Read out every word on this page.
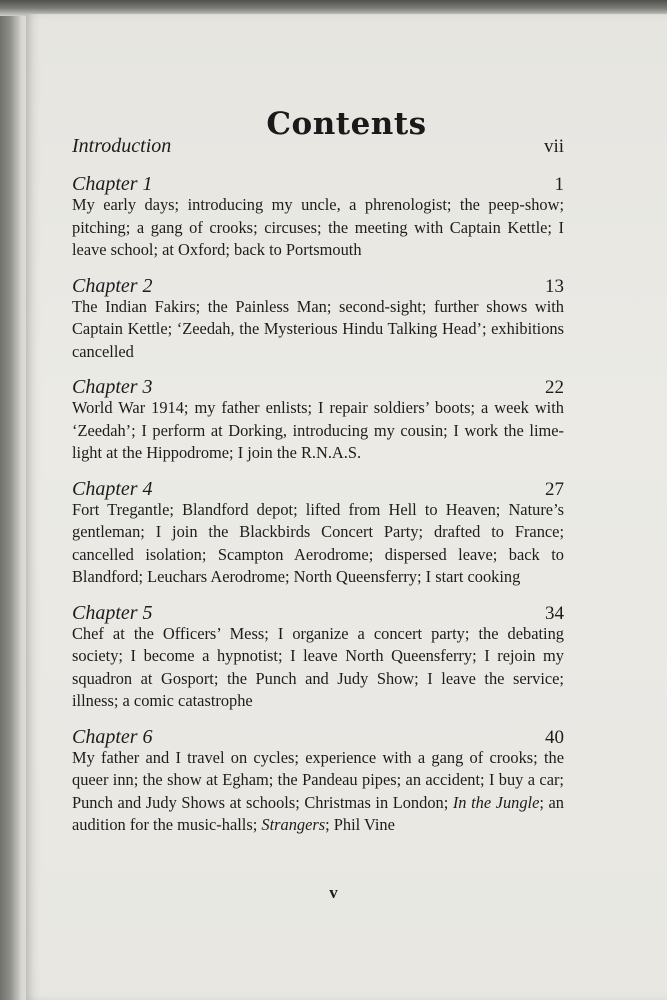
Contents
Introduction	vii
Chapter 1	1
My early days; introducing my uncle, a phrenologist; the peep-show; pitching; a gang of crooks; circuses; the meeting with Captain Kettle; I leave school; at Oxford; back to Portsmouth
Chapter 2	13
The Indian Fakirs; the Painless Man; second-sight; further shows with Captain Kettle; ‘Zeedah, the Mysterious Hindu Talking Head’; exhibitions cancelled
Chapter 3	22
World War 1914; my father enlists; I repair soldiers’ boots; a week with ‘Zeedah’; I perform at Dorking, introducing my cousin; I work the lime-light at the Hippodrome; I join the R.N.A.S.
Chapter 4	27
Fort Tregantle; Blandford depot; lifted from Hell to Heaven; Nature’s gentleman; I join the Blackbirds Concert Party; drafted to France; cancelled isolation; Scampton Aerodrome; dispersed leave; back to Blandford; Leuchars Aerodrome; North Queensferry; I start cooking
Chapter 5	34
Chef at the Officers’ Mess; I organize a concert party; the debating society; I become a hypnotist; I leave North Queensferry; I rejoin my squadron at Gosport; the Punch and Judy Show; I leave the service; illness; a comic catastrophe
Chapter 6	40
My father and I travel on cycles; experience with a gang of crooks; the queer inn; the show at Egham; the Pandeau pipes; an accident; I buy a car; Punch and Judy Shows at schools; Christmas in London; In the Jungle; an audition for the music-halls; Strangers; Phil Vine
v
